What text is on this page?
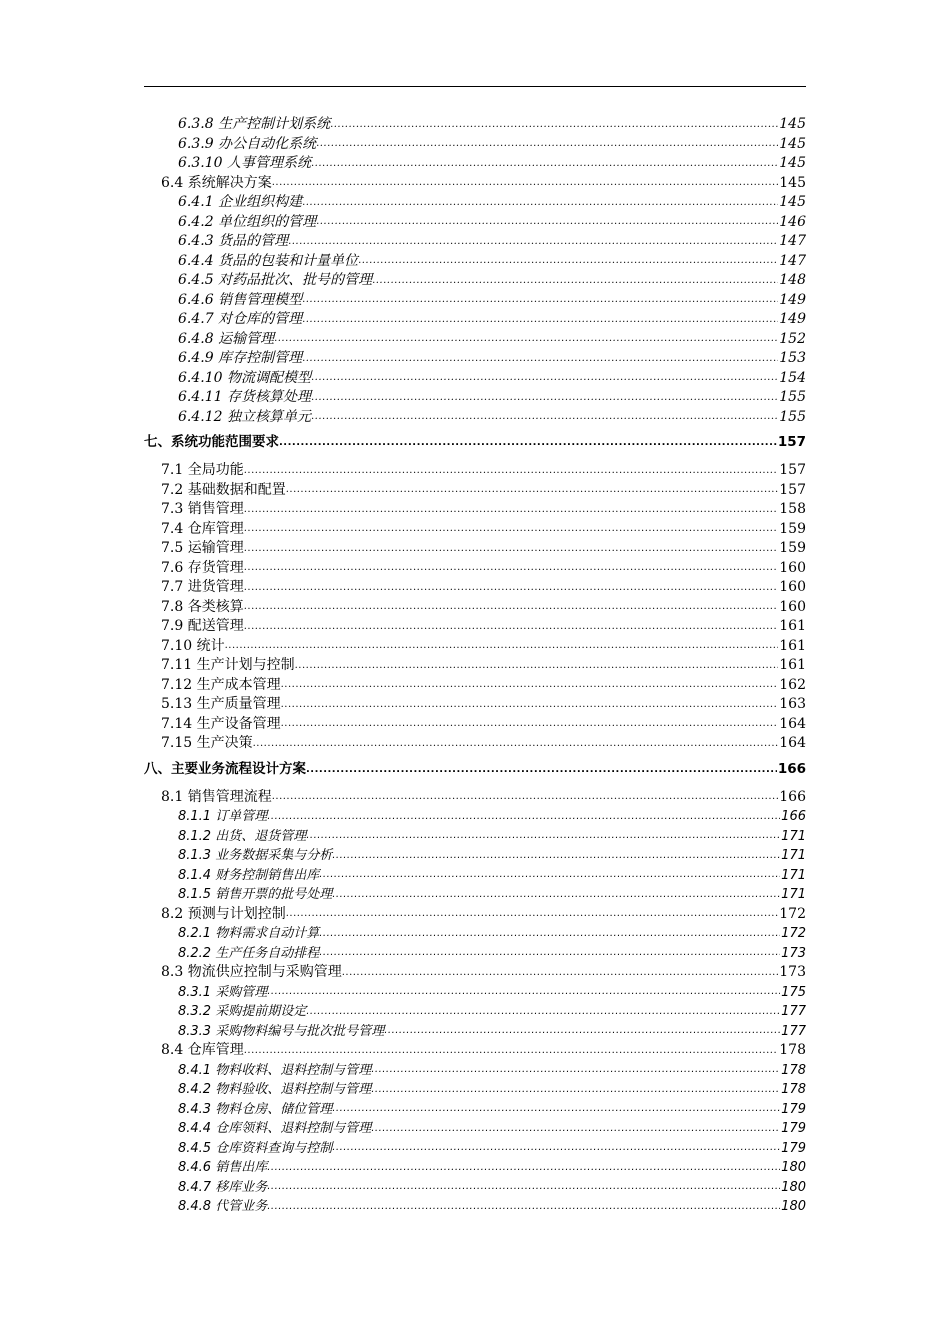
6.3.8 生产控制计划系统 .....	145
6.3.9 办公自动化系统 .....	145
6.3.10 人事管理系统 .....	145
6.4 系统解决方案 .....	145
6.4.1 企业组织构建 .....	145
6.4.2 单位组织的管理 .....	146
6.4.3 货品的管理 .....	147
6.4.4 货品的包装和计量单位 .....	147
6.4.5 对药品批次、批号的管理 .....	148
6.4.6 销售管理模型 .....	149
6.4.7 对仓库的管理 .....	149
6.4.8 运输管理 .....	152
6.4.9 库存控制管理 .....	153
6.4.10 物流调配模型 .....	154
6.4.11 存货核算处理 .....	155
6.4.12 独立核算单元 .....	155
七、系统功能范围要求 .....	157
7.1 全局功能 .....	157
7.2 基础数据和配置 .....	157
7.3 销售管理 .....	158
7.4 仓库管理 .....	159
7.5 运输管理 .....	159
7.6 存货管理 .....	160
7.7 进货管理 .....	160
7.8 各类核算 .....	160
7.9 配送管理 .....	161
7.10 统计 .....	161
7.11 生产计划与控制 .....	161
7.12 生产成本管理 .....	162
5.13 生产质量管理 .....	163
7.14 生产设备管理 .....	164
7.15 生产决策 .....	164
八、主要业务流程设计方案 .....	166
8.1 销售管理流程 .....	166
8.1.1 订单管理 .....	166
8.1.2 出货、退货管理 .....	171
8.1.3 业务数据采集与分析 .....	171
8.1.4 财务控制销售出库 .....	171
8.1.5 销售开票的批号处理 .....	171
8.2 预测与计划控制 .....	172
8.2.1 物料需求自动计算 .....	172
8.2.2 生产任务自动排程 .....	173
8.3 物流供应控制与采购管理 .....	173
8.3.1 采购管理 .....	175
8.3.2 采购提前期设定 .....	177
8.3.3 采购物料编号与批次批号管理 .....	177
8.4 仓库管理 .....	178
8.4.1 物料收料、退料控制与管理 .....	178
8.4.2 物料验收、退料控制与管理 .....	178
8.4.3 物料仓房、储位管理 .....	179
8.4.4 仓库领料、退料控制与管理 .....	179
8.4.5 仓库资料查询与控制 .....	179
8.4.6 销售出库 .....	180
8.4.7 移库业务 .....	180
8.4.8 代管业务 .....	180
